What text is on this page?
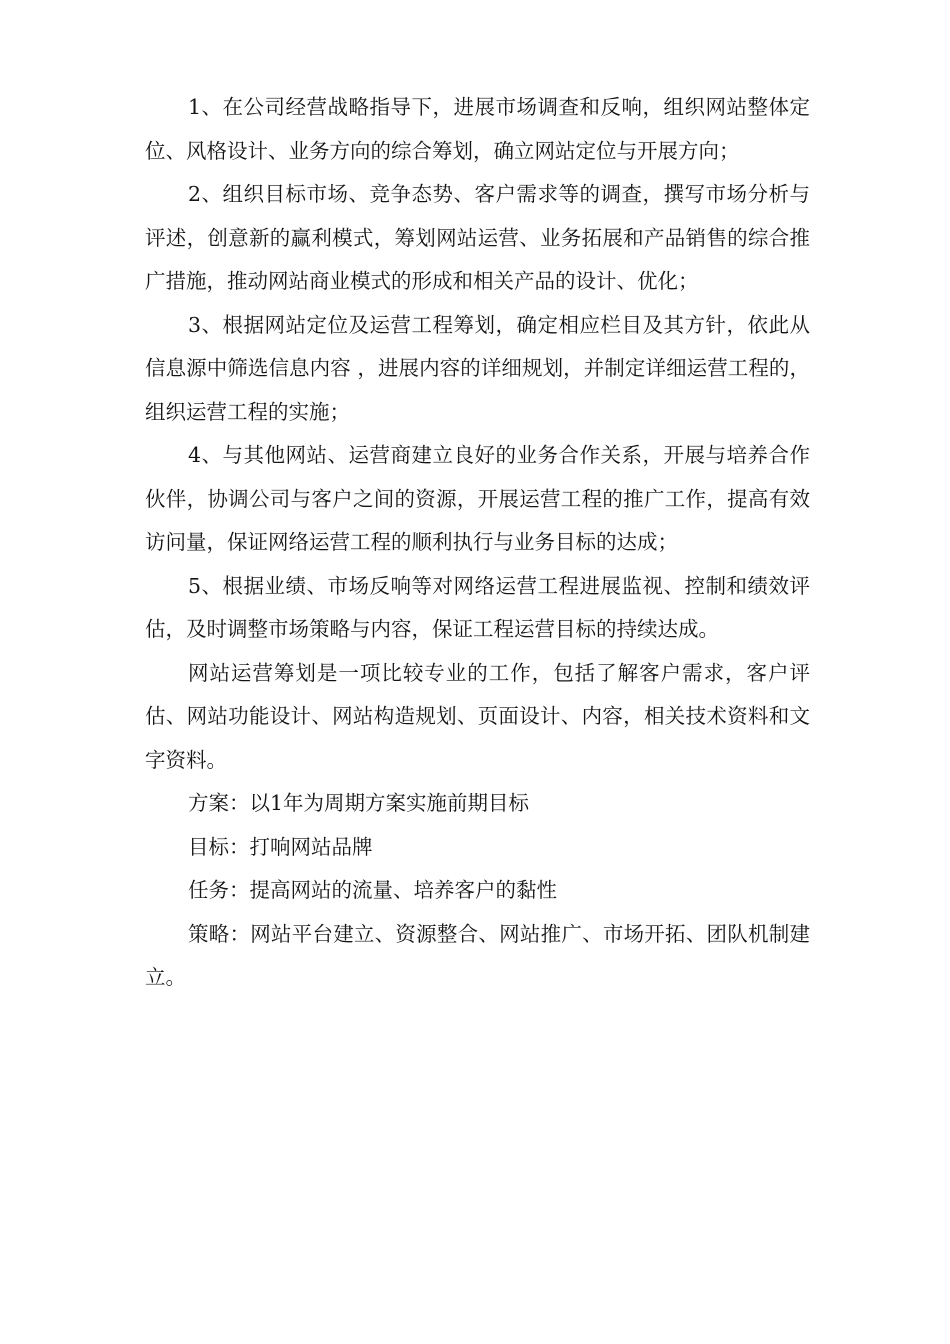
1、在公司经营战略指导下，进展市场调查和反响，组织网站整体定位、风格设计、业务方向的综合筹划，确立网站定位与开展方向；

2、组织目标市场、竞争态势、客户需求等的调查，撰写市场分析与评述，创意新的赢利模式，筹划网站运营、业务拓展和产品销售的综合推广措施，推动网站商业模式的形成和相关产品的设计、优化；

3、根据网站定位及运营工程筹划，确定相应栏目及其方针，依此从信息源中筛选信息内容 ，进展内容的详细规划，并制定详细运营工程的，组织运营工程的实施；

4、与其他网站、运营商建立良好的业务合作关系，开展与培养合作伙伴，协调公司与客户之间的资源，开展运营工程的推广工作，提高有效访问量，保证网络运营工程的顺利执行与业务目标的达成；

5、根据业绩、市场反响等对网络运营工程进展监视、控制和绩效评估，及时调整市场策略与内容，保证工程运营目标的持续达成。

网站运营筹划是一项比较专业的工作，包括了解客户需求，客户评估、网站功能设计、网站构造规划、页面设计、内容，相关技术资料和文字资料。

方案：以1年为周期方案实施前期目标

目标：打响网站品牌

任务：提高网站的流量、培养客户的黏性

策略：网站平台建立、资源整合、网站推广、市场开拓、团队机制建立。
